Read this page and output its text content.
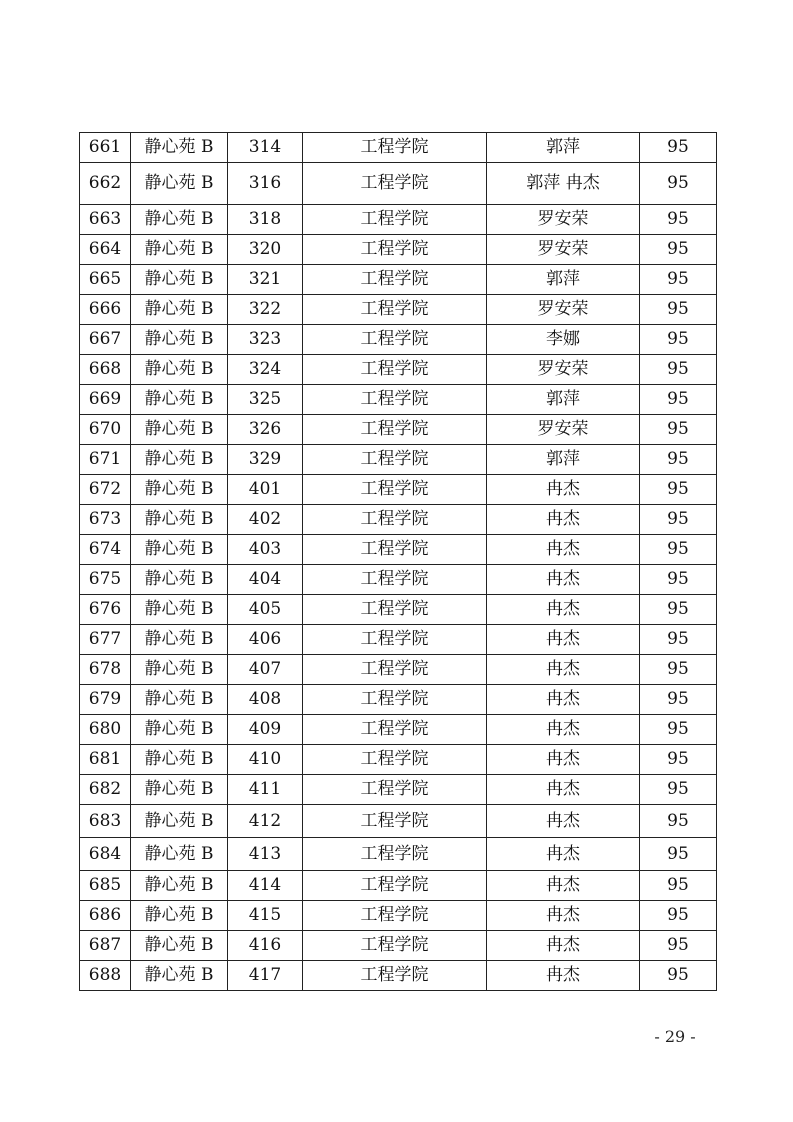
661	静心苑 B	314	工程学院	郭萍	95
662	静心苑 B	316	工程学院	郭萍 冉杰	95
663	静心苑 B	318	工程学院	罗安荣	95
664	静心苑 B	320	工程学院	罗安荣	95
665	静心苑 B	321	工程学院	郭萍	95
666	静心苑 B	322	工程学院	罗安荣	95
667	静心苑 B	323	工程学院	李娜	95
668	静心苑 B	324	工程学院	罗安荣	95
669	静心苑 B	325	工程学院	郭萍	95
670	静心苑 B	326	工程学院	罗安荣	95
671	静心苑 B	329	工程学院	郭萍	95
672	静心苑 B	401	工程学院	冉杰	95
673	静心苑 B	402	工程学院	冉杰	95
674	静心苑 B	403	工程学院	冉杰	95
675	静心苑 B	404	工程学院	冉杰	95
676	静心苑 B	405	工程学院	冉杰	95
677	静心苑 B	406	工程学院	冉杰	95
678	静心苑 B	407	工程学院	冉杰	95
679	静心苑 B	408	工程学院	冉杰	95
680	静心苑 B	409	工程学院	冉杰	95
681	静心苑 B	410	工程学院	冉杰	95
682	静心苑 B	411	工程学院	冉杰	95
683	静心苑 B	412	工程学院	冉杰	95
684	静心苑 B	413	工程学院	冉杰	95
685	静心苑 B	414	工程学院	冉杰	95
686	静心苑 B	415	工程学院	冉杰	95
687	静心苑 B	416	工程学院	冉杰	95
688	静心苑 B	417	工程学院	冉杰	95
- 29 -
